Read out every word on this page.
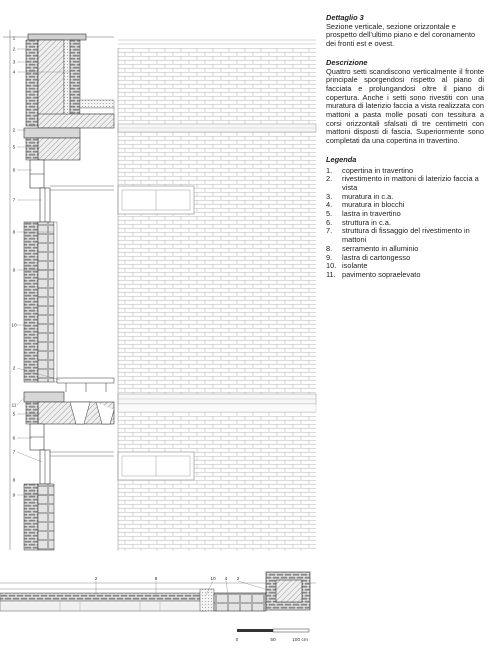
1
2
3
4
2
5
6
7
8
9
10
2
11
5
6
7
8
9
2	8	10 4 2
0	50	100 cm

Dettaglio 3

Sezione verticale, sezione orizzontale e prospetto dell’ultimo piano e del coronamento dei fronti est e ovest.

Descrizione

Quattro setti scandiscono verticalmente il fronte principale sporgendosi rispetto al piano di facciata e prolungandosi oltre il piano di copertura. Anche i setti sono rivestiti con una muratura di laterizio faccia a vista realizzata con mattoni a pasta molle posati con tessitura a corsi orizzontali sfalsati di tre centimetri con mattoni disposti di fascia. Superiormente sono completati da una copertina in travertino.

Legenda

1.	copertina in travertino
2.	rivestimento in mattoni di laterizio faccia a vista
3.	muratura in c.a.
4.	muratura in blocchi
5.	lastra in travertino
6.	struttura in c.a.
7.	struttura di fissaggio del rivestimento in mattoni
8.	serramento in alluminio
9.	lastra di cartongesso
10. isolante
11. pavimento sopraelevato
